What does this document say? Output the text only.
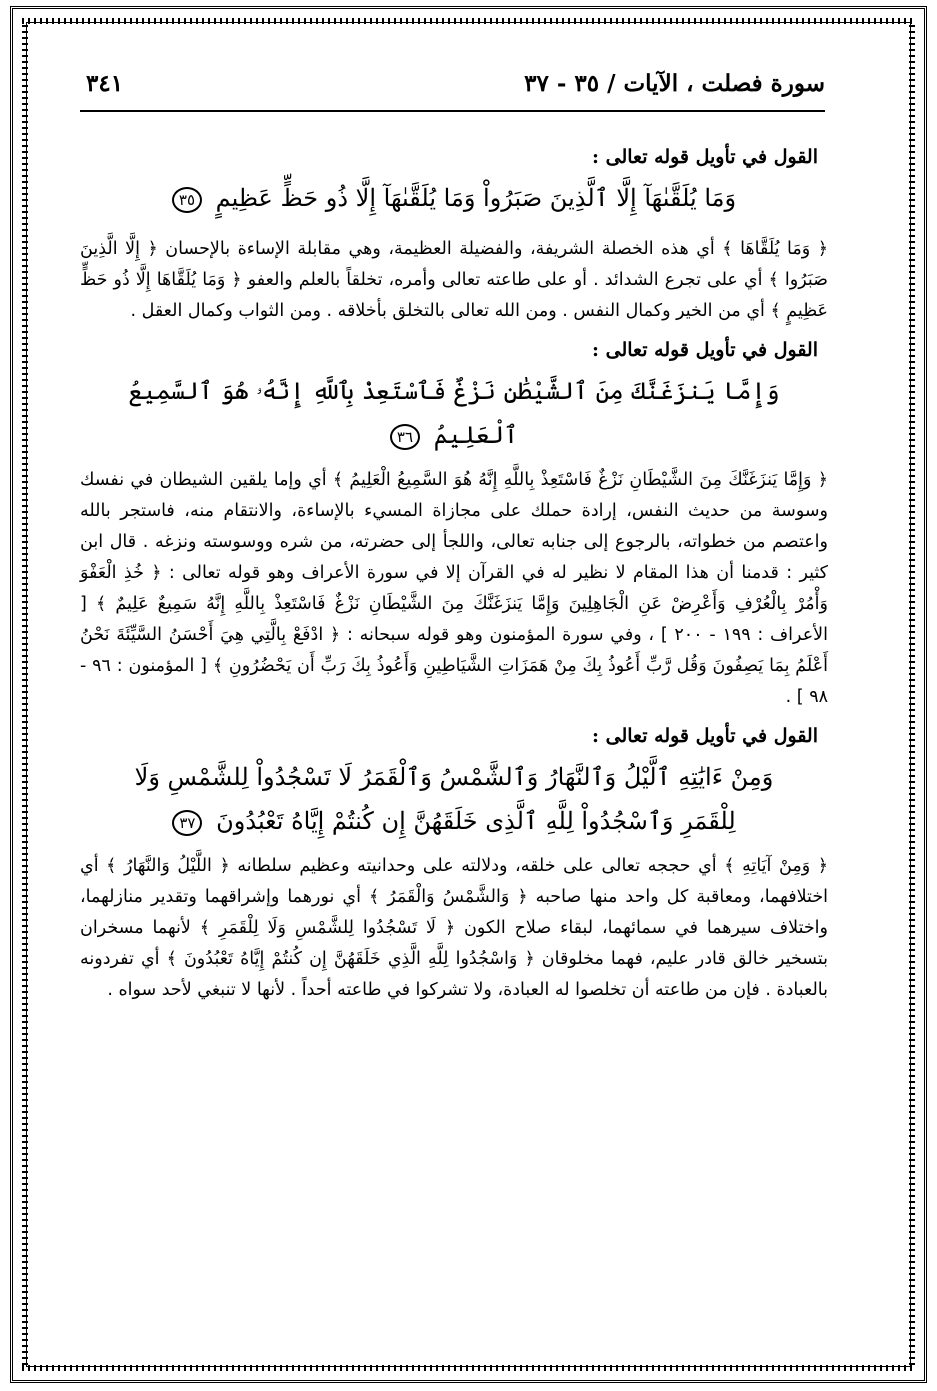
سورة فصلت ، الآيات / ٣٥ - ٣٧
٣٤١
القول في تأويل قوله تعالى :
وَمَا يُلَقَّىٰهَآ إِلَّا ٱلَّذِينَ صَبَرُواْ وَمَا يُلَقَّىٰهَآ إِلَّا ذُو حَظٍّ عَظِيمٍ ٣٥

﴿ وَمَا يُلَقَّاهَا ﴾ أي هذه الخصلة الشريفة، والفضيلة العظيمة، وهي مقابلة الإساءة بالإحسان ﴿ إِلَّا الَّذِينَ صَبَرُوا ﴾ أي على تجرع الشدائد . أو على طاعته تعالى وأمره، تخلقاً بالعلم والعفو ﴿ وَمَا يُلَقَّاهَا إِلَّا ذُو حَظٍّ عَظِيمٍ ﴾ أي من الخير وكمال النفس . ومن الله تعالى بالتخلق بأخلاقه . ومن الثواب وكمال العقل .

القول في تأويل قوله تعالى :
وَإِمَّا يَنزَغَنَّكَ مِنَ ٱلشَّيْطَٰنِ نَزْغٌ فَٱسْتَعِذْ بِٱللَّهِ إِنَّهُۥ هُوَ ٱلسَّمِيعُ ٱلْعَلِيمُ ٣٦

﴿ وَإِمَّا يَنزَغَنَّكَ مِنَ الشَّيْطَانِ نَزْغٌ فَاسْتَعِذْ بِاللَّهِ إِنَّهُ هُوَ السَّمِيعُ الْعَلِيمُ ﴾ أي وإما يلقين الشيطان في نفسك وسوسة من حديث النفس، إرادة حملك على مجازاة المسيء بالإساءة، والانتقام منه، فاستجر بالله واعتصم من خطواته، بالرجوع إلى جنابه تعالى، واللجأ إلى حضرته، من شره ووسوسته ونزغه . قال ابن كثير : قدمنا أن هذا المقام لا نظير له في القرآن إلا في سورة الأعراف وهو قوله تعالى : ﴿ خُذِ الْعَفْوَ وَأْمُرْ بِالْعُرْفِ وَأَعْرِضْ عَنِ الْجَاهِلِينَ وَإِمَّا يَنزَغَنَّكَ مِنَ الشَّيْطَانِ نَزْغٌ فَاسْتَعِذْ بِاللَّهِ إِنَّهُ سَمِيعٌ عَلِيمٌ ﴾ [ الأعراف : ١٩٩ - ٢٠٠ ] ، وفي سورة المؤمنون وهو قوله سبحانه : ﴿ ادْفَعْ بِالَّتِي هِيَ أَحْسَنُ السَّيِّئَةَ نَحْنُ أَعْلَمُ بِمَا يَصِفُونَ وَقُل رَّبِّ أَعُوذُ بِكَ مِنْ هَمَزَاتِ الشَّيَاطِينِ وَأَعُوذُ بِكَ رَبِّ أَن يَحْضُرُونِ ﴾ [ المؤمنون : ٩٦ - ٩٨ ] .

القول في تأويل قوله تعالى :
وَمِنْ ءَايَٰتِهِ ٱلَّيْلُ وَٱلنَّهَارُ وَٱلشَّمْسُ وَٱلْقَمَرُ لَا تَسْجُدُواْ لِلشَّمْسِ وَلَا لِلْقَمَرِ وَٱسْجُدُواْ لِلَّهِ ٱلَّذِى خَلَقَهُنَّ إِن كُنتُمْ إِيَّاهُ تَعْبُدُونَ ٣٧

﴿ وَمِنْ آيَاتِهِ ﴾ أي حججه تعالى على خلقه، ودلالته على وحدانيته وعظيم سلطانه ﴿ اللَّيْلُ وَالنَّهَارُ ﴾ أي اختلافهما، ومعاقبة كل واحد منها صاحبه ﴿ وَالشَّمْسُ وَالْقَمَرُ ﴾ أي نورهما وإشراقهما وتقدير منازلهما، واختلاف سيرهما في سمائهما، لبقاء صلاح الكون ﴿ لَا تَسْجُدُوا لِلشَّمْسِ وَلَا لِلْقَمَرِ ﴾ لأنهما مسخران بتسخير خالق قادر عليم، فهما مخلوقان ﴿ وَاسْجُدُوا لِلَّهِ الَّذِي خَلَقَهُنَّ إِن كُنتُمْ إِيَّاهُ تَعْبُدُونَ ﴾ أي تفردونه بالعبادة . فإن من طاعته أن تخلصوا له العبادة، ولا تشركوا في طاعته أحداً . لأنها لا تنبغي لأحد سواه .
